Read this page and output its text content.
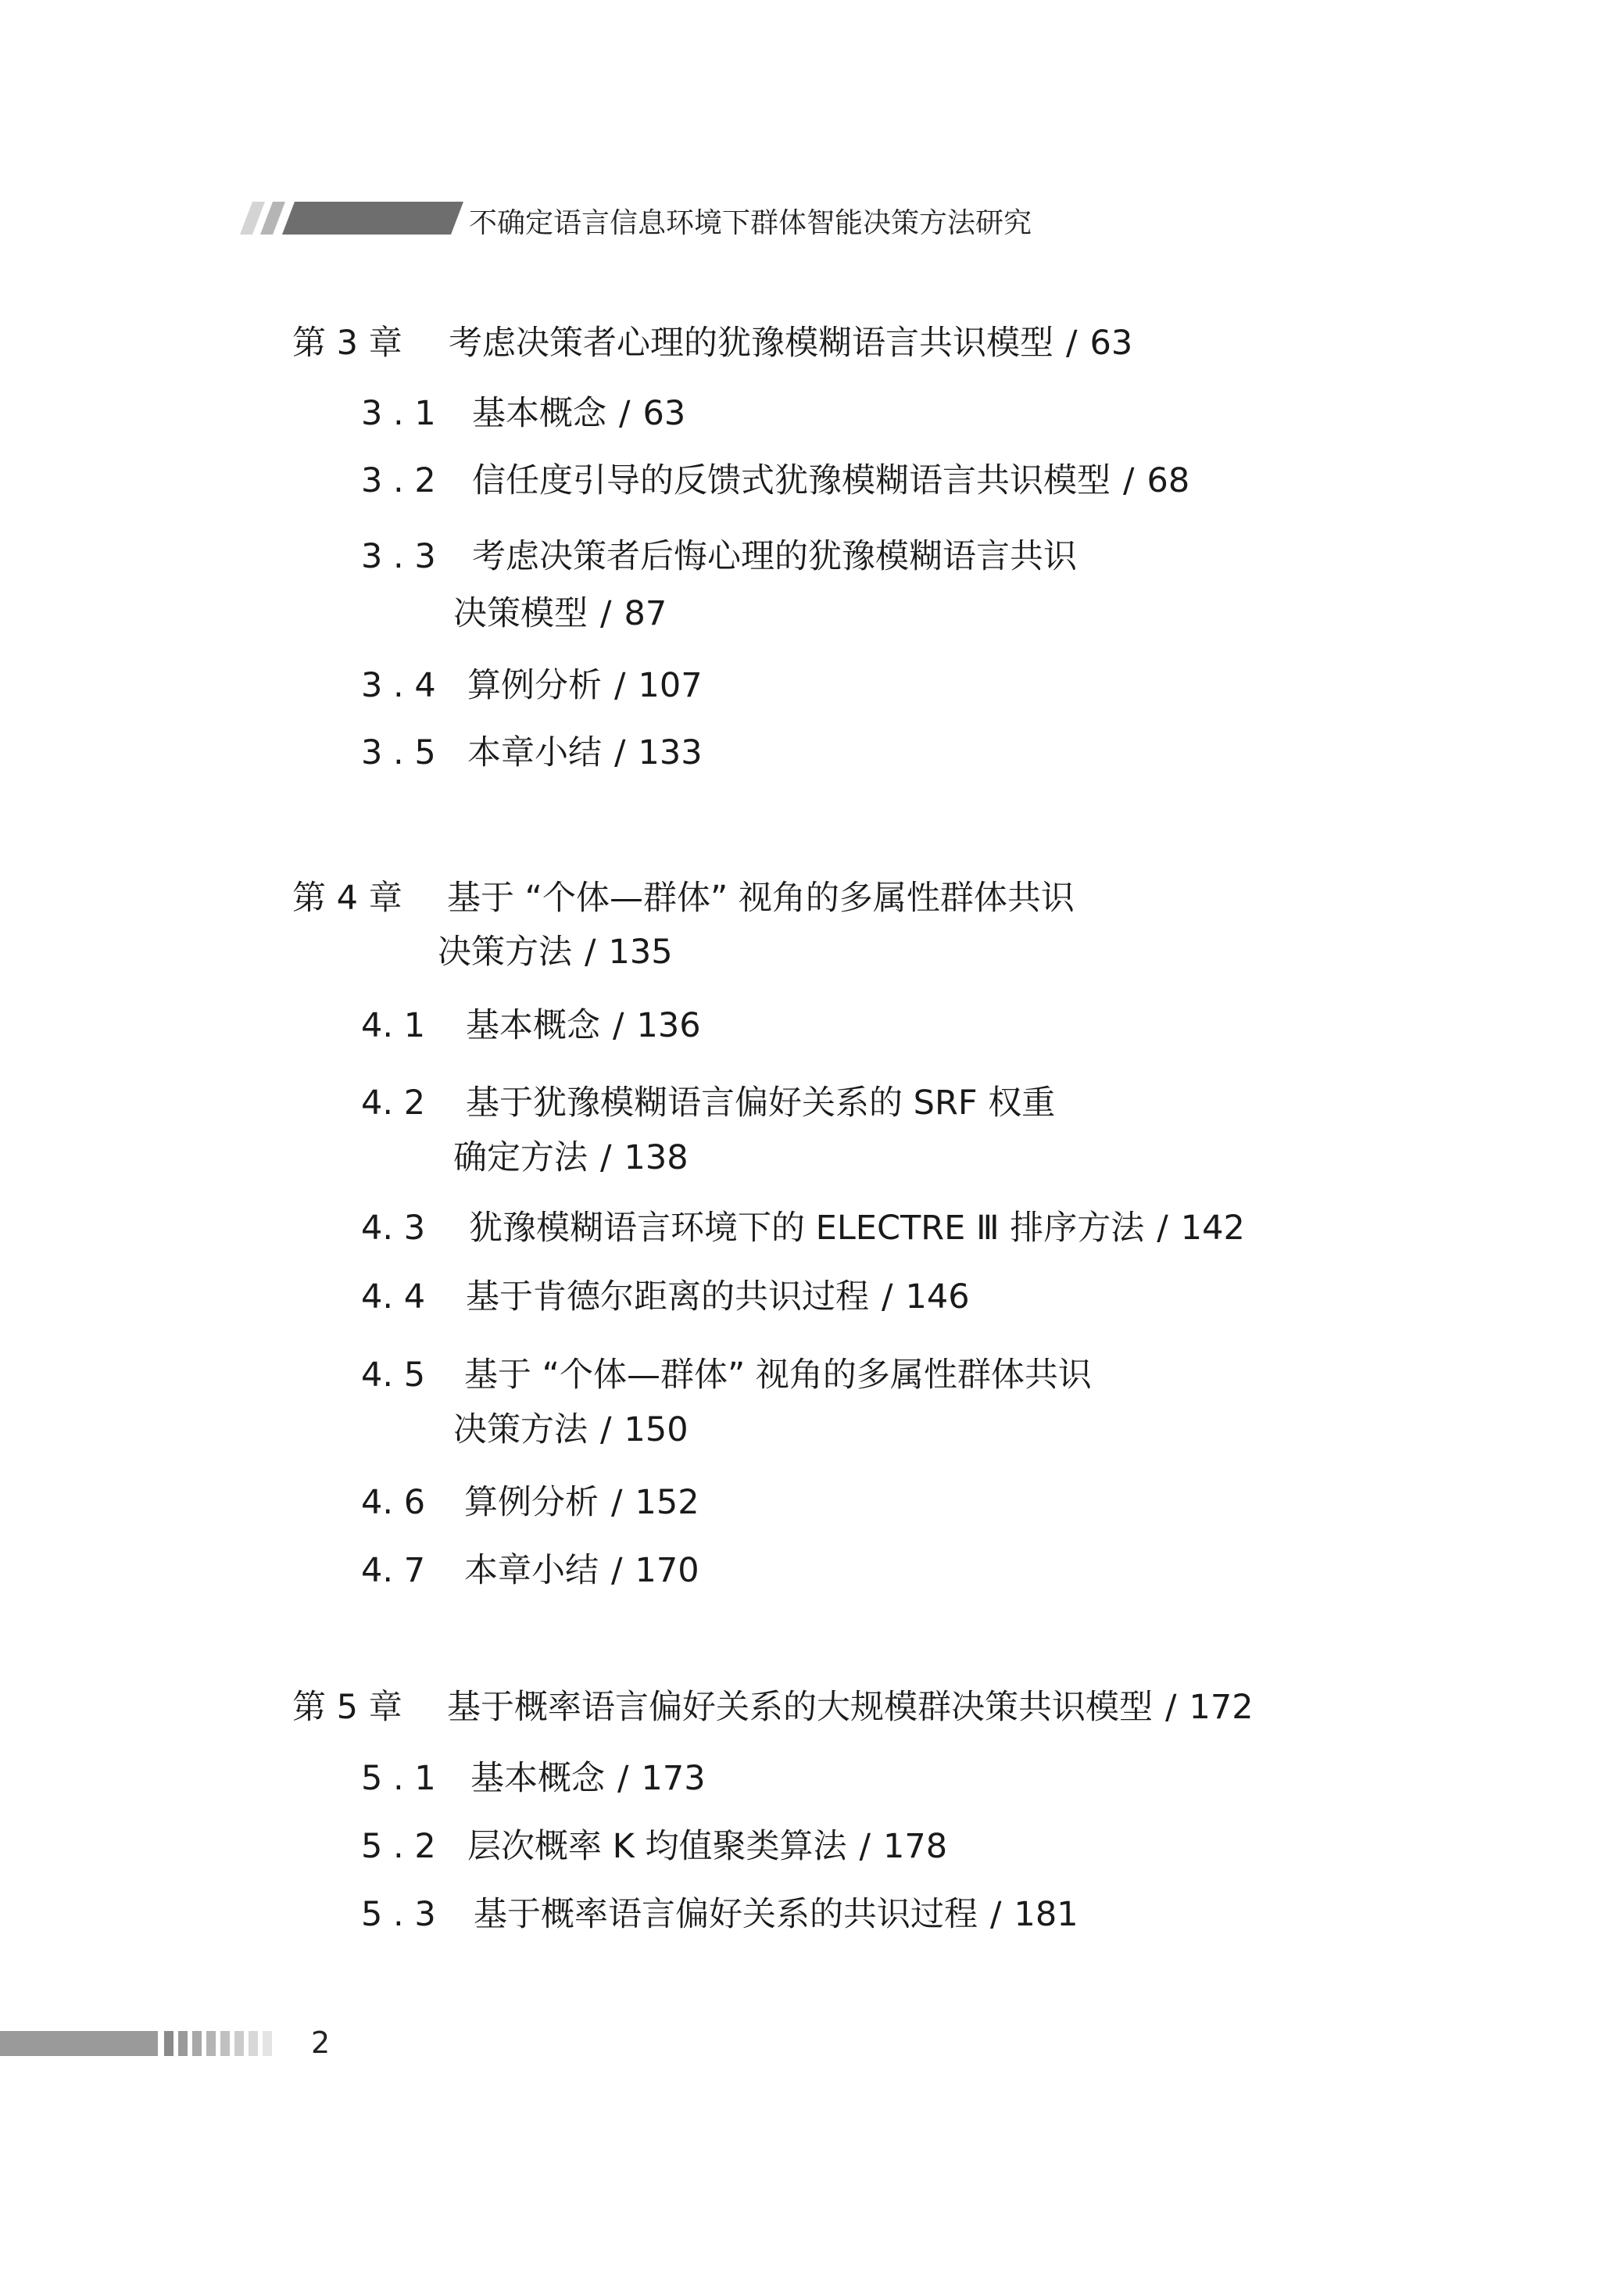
不确定语言信息环境下群体智能决策方法研究
第 3 章 考虑决策者心理的犹豫模糊语言共识模型 / 63
3 . 1 基本概念 / 63
3 . 2 信任度引导的反馈式犹豫模糊语言共识模型 / 68
3 . 3 考虑决策者后悔心理的犹豫模糊语言共识
决策模型 / 87
3 . 4 算例分析 / 107
3 . 5 本章小结 / 133
第 4 章 基于 “个体—群体” 视角的多属性群体共识
决策方法 / 135
4. 1 基本概念 / 136
4. 2 基于犹豫模糊语言偏好关系的 SRF 权重
确定方法 / 138
4. 3 犹豫模糊语言环境下的 ELECTRE Ⅲ 排序方法 / 142
4. 4 基于肯德尔距离的共识过程 / 146
4. 5 基于 “个体—群体” 视角的多属性群体共识
决策方法 / 150
4. 6 算例分析 / 152
4. 7 本章小结 / 170
第 5 章 基于概率语言偏好关系的大规模群决策共识模型 / 172
5 . 1 基本概念 / 173
5 . 2 层次概率 K 均值聚类算法 / 178
5 . 3 基于概率语言偏好关系的共识过程 / 181
2
